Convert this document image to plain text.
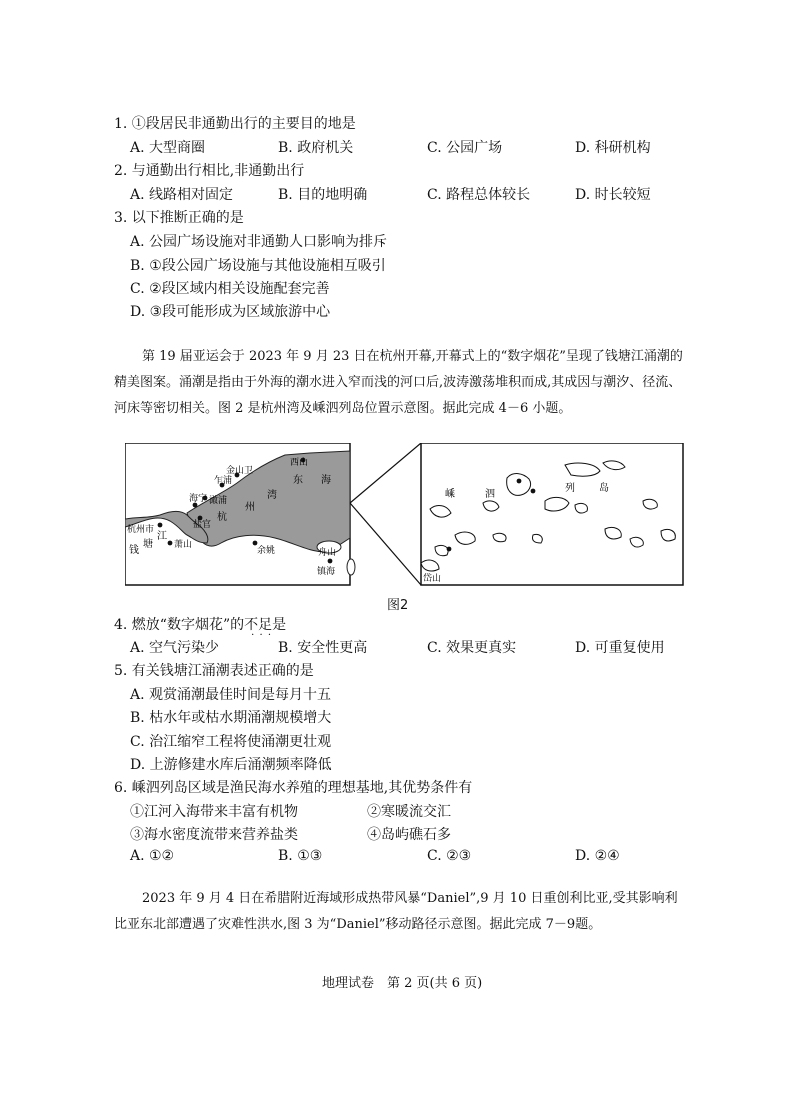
1. ①段居民非通勤出行的主要目的地是
A. 大型商圈	B. 政府机关	C. 公园广场	D. 科研机构
2. 与通勤出行相比,非通勤出行
A. 线路相对固定	B. 目的地明确	C. 路程总体较长	D. 时长较短
3. 以下推断正确的是
A. 公园广场设施对非通勤人口影响为排斥
B. ①段公园广场设施与其他设施相互吸引
C. ②段区域内相关设施配套完善
D. ③段可能形成为区域旅游中心
第 19 届亚运会于 2023 年 9 月 23 日在杭州开幕,开幕式上的“数字烟花”呈现了钱塘江涌潮的精美图案。涌潮是指由于外海的潮水进入窄而浅的河口后,波涛激荡堆积而成,其成因与潮汐、径流、河床等密切相关。图 2 是杭州湾及嵊泗列岛位置示意图。据此完成 4－6 小题。
西山
金山卫
乍浦
澉浦
海宁
盐官
杭州市
钱
塘
江
萧山
余姚
镇海
舟山
杭
州
湾
东 海
嵊	泗
列 岛
岱山
图2
4. 燃放“数字烟花”的不足是 · · ·
A. 空气污染少	B. 安全性更高	C. 效果更真实	D. 可重复使用
5. 有关钱塘江涌潮表述正确的是
A. 观赏涌潮最佳时间是每月十五
B. 枯水年或枯水期涌潮规模增大
C. 治江缩窄工程将使涌潮更壮观
D. 上游修建水库后涌潮频率降低
6. 嵊泗列岛区域是渔民海水养殖的理想基地,其优势条件有
①江河入海带来丰富有机物	②寒暖流交汇
③海水密度流带来营养盐类	④岛屿礁石多
A. ①②	B. ①③	C. ②③	D. ②④
2023 年 9 月 4 日在希腊附近海域形成热带风暴“Daniel”,9 月 10 日重创利比亚,受其影响利比亚东北部遭遇了灾难性洪水,图 3 为“Daniel”移动路径示意图。据此完成 7－9题。
地理试卷　第 2 页(共 6 页)
